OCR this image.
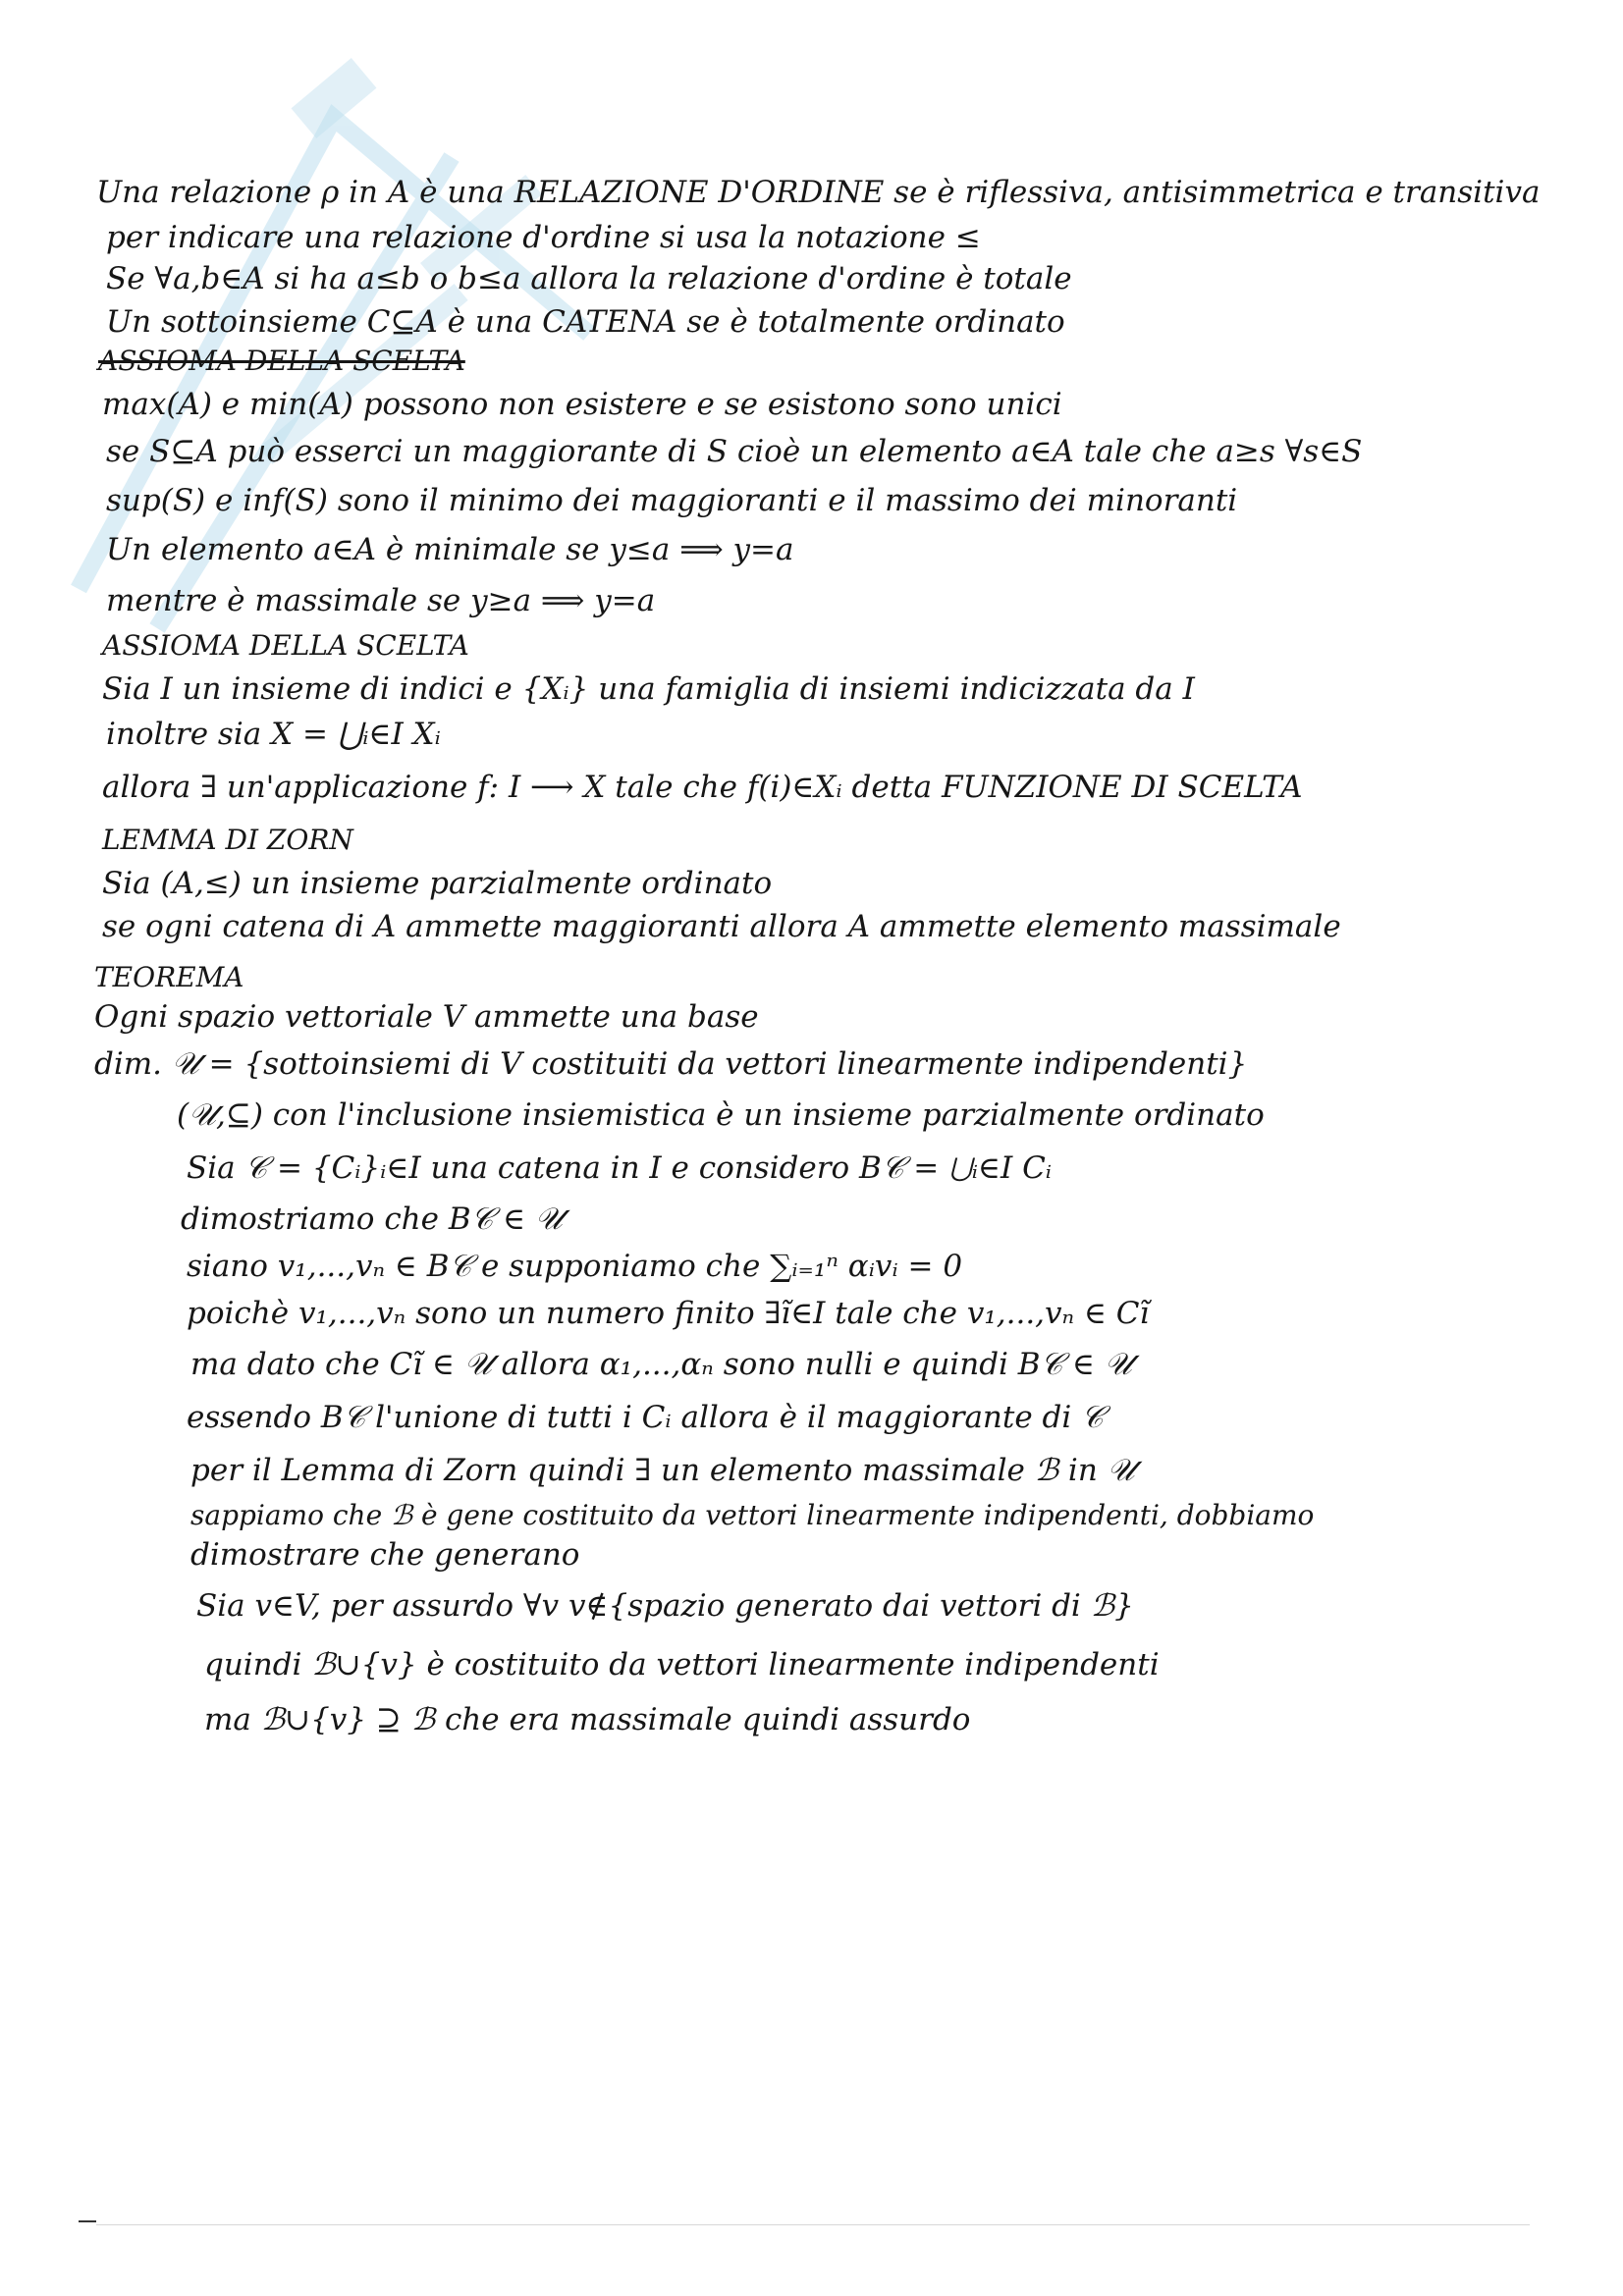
Una relazione ρ in A è una RELAZIONE D'ORDINE se è riflessiva, antisimmetrica e transitiva
per indicare una relazione d'ordine si usa la notazione ≤
Se ∀a,b∈A si ha a≤b o b≤a allora la relazione d'ordine è totale
Un sottoinsieme C⊆A è una CATENA se è totalmente ordinato
ASSIOMA DELLA SCELTA
max(A) e min(A) possono non esistere e se esistono sono unici
se S⊆A può esserci un maggiorante di S cioè un elemento a∈A tale che a≥s ∀s∈S
sup(S) e inf(S) sono il minimo dei maggioranti e il massimo dei minoranti
Un elemento a∈A è minimale se y≤a ⟹ y=a
mentre è massimale se y≥a ⟹ y=a
ASSIOMA DELLA SCELTA
Sia I un insieme di indici e {Xᵢ} una famiglia di insiemi indicizzata da I
inoltre sia X = ⋃ᵢ∈I Xᵢ
allora ∃ un'applicazione f: I ⟶ X tale che f(i)∈Xᵢ detta FUNZIONE DI SCELTA
LEMMA DI ZORN
Sia (A,≤) un insieme parzialmente ordinato
se ogni catena di A ammette maggioranti allora A ammette elemento massimale
TEOREMA
Ogni spazio vettoriale V ammette una base
dim. 𝒰 = {sottoinsiemi di V costituiti da vettori linearmente indipendenti}
(𝒰,⊆) con l'inclusione insiemistica è un insieme parzialmente ordinato
Sia 𝒞 = {Cᵢ}ᵢ∈I una catena in I e considero B𝒞 = ⋃ᵢ∈I Cᵢ
dimostriamo che B𝒞 ∈ 𝒰
siano v₁,...,vₙ ∈ B𝒞 e supponiamo che ∑ᵢ₌₁ⁿ αᵢvᵢ = 0
poichè v₁,...,vₙ sono un numero finito ∃ĩ∈I tale che v₁,...,vₙ ∈ Cĩ
ma dato che Cĩ ∈ 𝒰 allora α₁,...,αₙ sono nulli e quindi B𝒞 ∈ 𝒰
essendo B𝒞 l'unione di tutti i Cᵢ allora è il maggiorante di 𝒞
per il Lemma di Zorn quindi ∃ un elemento massimale ℬ in 𝒰
sappiamo che ℬ è gene costituito da vettori linearmente indipendenti, dobbiamo
dimostrare che generano
Sia v∈V, per assurdo ∀v v∉{spazio generato dai vettori di ℬ}
quindi ℬ∪{v} è costituito da vettori linearmente indipendenti
ma ℬ∪{v} ⊇ ℬ che era massimale quindi assurdo
